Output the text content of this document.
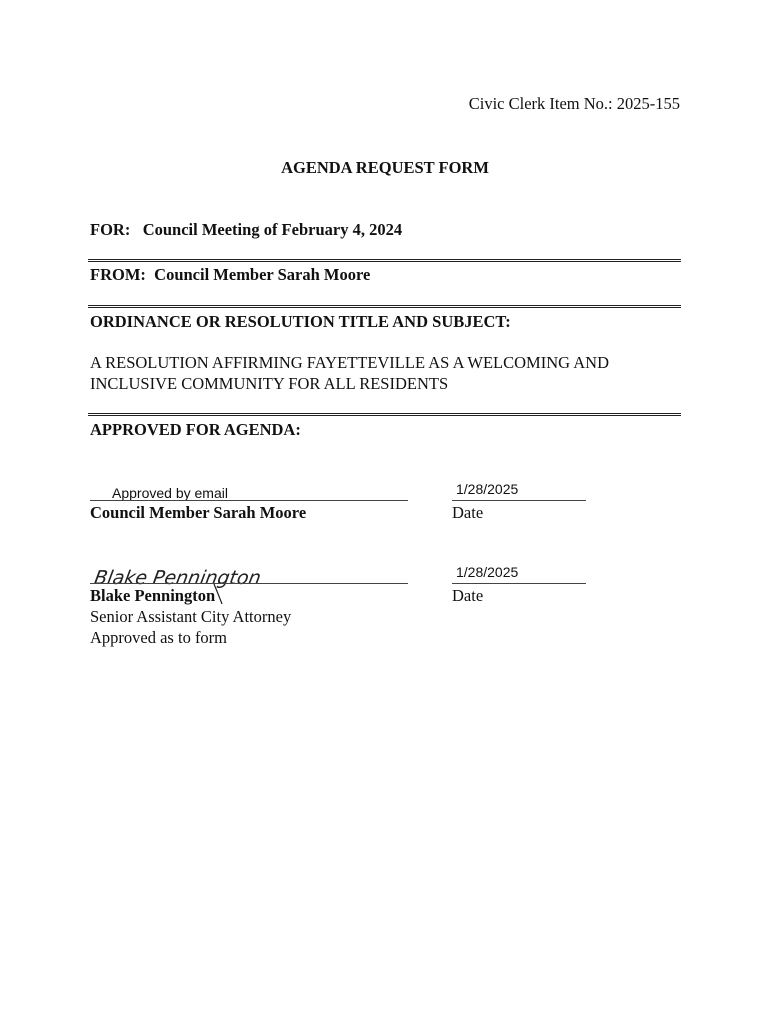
Civic Clerk Item No.: 2025-155
AGENDA REQUEST FORM
FOR: Council Meeting of February 4, 2024
FROM: Council Member Sarah Moore
ORDINANCE OR RESOLUTION TITLE AND SUBJECT:
A RESOLUTION AFFIRMING FAYETTEVILLE AS A WELCOMING AND
INCLUSIVE COMMUNITY FOR ALL RESIDENTS
APPROVED FOR AGENDA:
Approved by email
Council Member Sarah Moore
1/28/2025
Date
Blake Pennington
Blake Pennington
Senior Assistant City Attorney
Approved as to form
1/28/2025
Date
